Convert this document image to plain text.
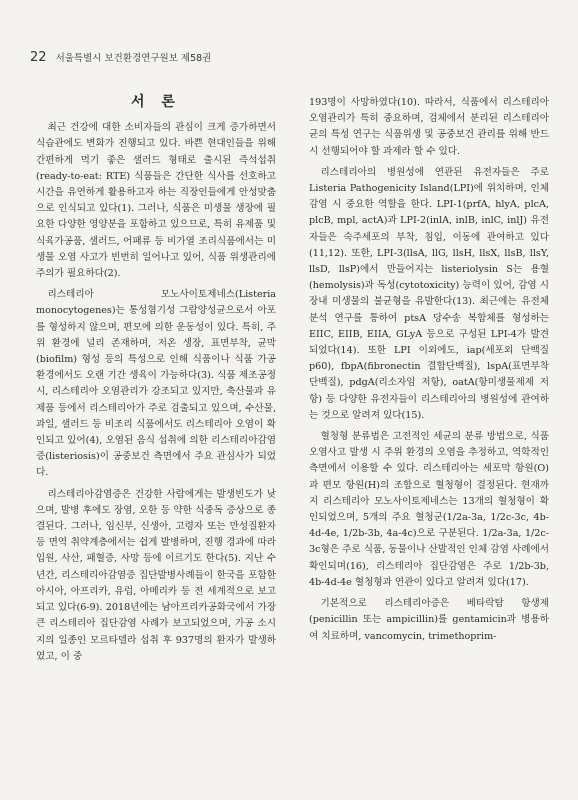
22 서울특별시 보건환경연구원보 제58권
서 론

최근 건강에 대한 소비자들의 관심이 크게 증가하면서 식습관에도 변화가 진행되고 있다. 바쁜 현대인들을 위해 간편하게 먹기 좋은 샐러드 형태로 출시된 즉석섭취(ready-to-eat: RTE) 식품들은 간단한 식사를 선호하고 시간을 유연하게 활용하고자 하는 직장인들에게 안성맞춤으로 인식되고 있다(1). 그러나, 식품은 미생물 생장에 필요한 다양한 영양분을 포함하고 있으므로, 특히 유제품 및 식육가공품, 샐러드, 어패류 등 비가열 조리식품에서는 미생물 오염 사고가 빈번히 일어나고 있어, 식품 위생관리에 주의가 필요하다(2).

리스테리아 모노사이토제네스(Listeria monocytogenes)는 통성혐기성 그람양성균으로서 아포를 형성하지 않으며, 편모에 의한 운동성이 있다. 특히, 주위 환경에 널리 존재하며, 저온 생장, 표면부착, 균막(biofilm) 형성 등의 특성으로 인해 식품이나 식품 가공 환경에서도 오랜 기간 생육이 가능하다(3). 식품 제조공정 시, 리스테리아 오염관리가 강조되고 있지만, 축산물과 유제품 등에서 리스테리아가 주로 검출되고 있으며, 수산물, 과일, 샐러드 등 비조리 식품에서도 리스테리아 오염이 확인되고 있어(4), 오염된 음식 섭취에 의한 리스테리아감염증(listeriosis)이 공중보건 측면에서 주요 관심사가 되었다.

리스테리아감염증은 건강한 사람에게는 발생빈도가 낮으며, 발병 후에도 장염, 오한 등 약한 식중독 증상으로 종결된다. 그러나, 임신부, 신생아, 고령자 또는 만성질환자 등 면역 취약계층에서는 쉽게 발병하며, 진행 경과에 따라 입원, 사산, 패혈증, 사망 등에 이르기도 한다(5). 지난 수년간, 리스테리아감염증 집단발병사례들이 한국을 포함한 아시아, 아프리카, 유럽, 아메리카 등 전 세계적으로 보고되고 있다(6-9). 2018년에는 남아프리카공화국에서 가장 큰 리스테리아 집단감염 사례가 보고되었으며, 가공 소시지의 일종인 모르타델라 섭취 후 937명의 환자가 발생하였고, 이 중

193명이 사망하였다(10). 따라서, 식품에서 리스테리아 오염관리가 특히 중요하며, 검체에서 분리된 리스테리아균의 특성 연구는 식품위생 및 공중보건 관리를 위해 반드시 선행되어야 할 과제라 할 수 있다.

리스테리아의 병원성에 연관된 유전자들은 주로 Listeria Pathogenicity Island(LPI)에 위치하며, 인체 감염 시 중요한 역할을 한다. LPI-1(prfA, hlyA, plcA, plcB, mpl, actA)과 LPI-2(inlA, inlB, inlC, inlJ) 유전자들은 숙주세포의 부착, 침입, 이동에 관여하고 있다(11,12). 또한, LPI-3(llsA, llG, llsH, llsX, llsB, llsY, llsD, llsP)에서 만들어지는 listeriolysin S는 용혈(hemolysis)과 독성(cytotoxicity) 능력이 있어, 감염 시 장내 미생물의 불균형을 유발한다(13). 최근에는 유전체분석 연구를 통하여 ptsA 당수송 복합체를 형성하는 EIIC, EIIB, EIIA, GLyA 등으로 구성된 LPI-4가 발견되었다(14). 또한 LPI 이외에도, iap(세포외 단백질 p60), fbpA(fibronectin 결합단백질), lspA(표면부착 단백질), pdgA(리소자임 저항), oatA(항미생물제제 저항) 등 다양한 유전자들이 리스테리아의 병원성에 관여하는 것으로 알려져 있다(15).

혈청형 분류법은 고전적인 세균의 분류 방법으로, 식품 오염사고 발생 시 주위 환경의 오염을 추정하고, 역학적인 측면에서 이용할 수 있다. 리스테리아는 세포막 항원(O)과 편모 항원(H)의 조합으로 혈청형이 결정된다. 현재까지 리스테리아 모노사이토제네스는 13개의 혈청형이 확인되었으며, 5개의 주요 혈청군(1/2a-3a, 1/2c-3c, 4b-4d-4e, 1/2b-3b, 4a-4c)으로 구분된다. 1/2a-3a, 1/2c-3c형은 주로 식품, 동물이나 산발적인 인체 감염 사례에서 확인되며(16), 리스테리아 집단감염은 주로 1/2b-3b, 4b-4d-4e 혈청형과 연관이 있다고 알려져 있다(17).

기본적으로 리스테리아증은 베타락탐 항생제(penicillin 또는 ampicillin)를 gentamicin과 병용하여 치료하며, vancomycin, trimethoprim-
